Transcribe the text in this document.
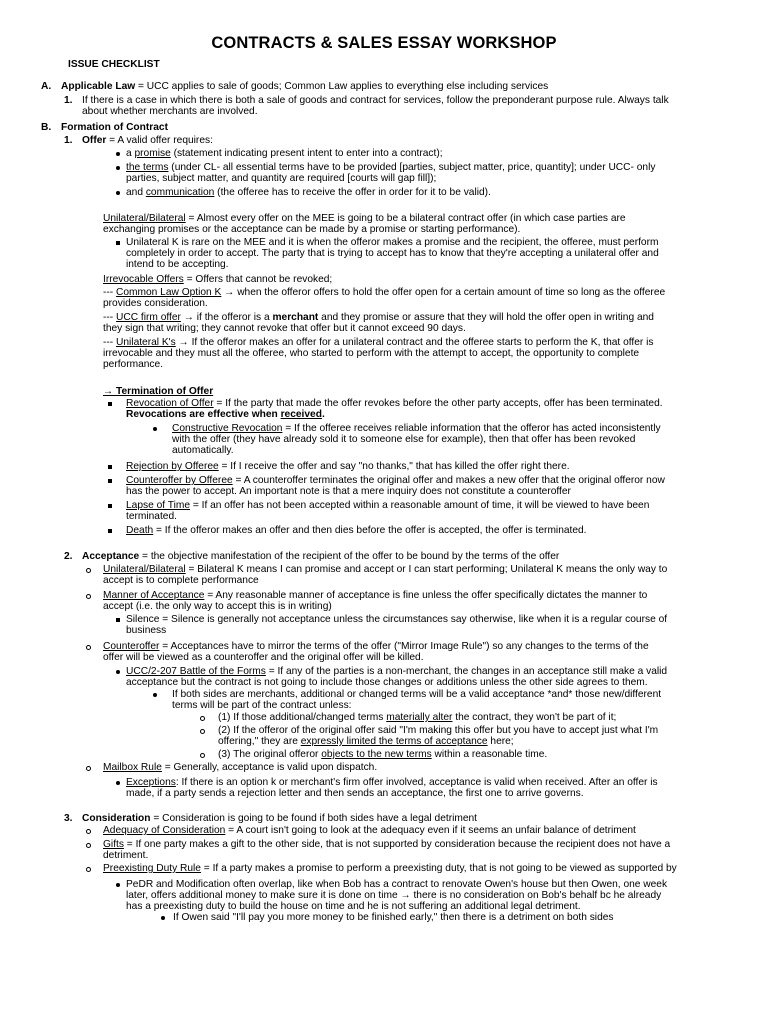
CONTRACTS & SALES ESSAY WORKSHOP
ISSUE CHECKLIST
A. Applicable Law = UCC applies to sale of goods; Common Law applies to everything else including services
1. If there is a case in which there is both a sale of goods and contract for services, follow the preponderant purpose rule. Always talk
about whether merchants are involved.
B. Formation of Contract
1. Offer = A valid offer requires:
a promise (statement indicating present intent to enter into a contract);
the terms (under CL- all essential terms have to be provided [parties, subject matter, price, quantity]; under UCC- only
parties, subject matter, and quantity are required [courts will gap fill]);
and communication (the offeree has to receive the offer in order for it to be valid).
Unilateral/Bilateral = Almost every offer on the MEE is going to be a bilateral contract offer (in which case parties are
exchanging promises or the acceptance can be made by a promise or starting performance).
Unilateral K is rare on the MEE and it is when the offeror makes a promise and the recipient, the offeree, must perform
completely in order to accept. The party that is trying to accept has to know that they're accepting a unilateral offer and
intend to be accepting.
Irrevocable Offers = Offers that cannot be revoked;
--- Common Law Option K → when the offeror offers to hold the offer open for a certain amount of time so long as the offeree
provides consideration.
--- UCC firm offer → if the offeror is a merchant and they promise or assure that they will hold the offer open in writing and
they sign that writing; they cannot revoke that offer but it cannot exceed 90 days.
--- Unilateral K's → If the offeror makes an offer for a unilateral contract and the offeree starts to perform the K, that offer is
irrevocable and they must all the offeree, who started to perform with the attempt to accept, the opportunity to complete
performance.
→ Termination of Offer
Revocation of Offer = If the party that made the offer revokes before the other party accepts, offer has been terminated.
Revocations are effective when received.
Constructive Revocation = If the offeree receives reliable information that the offeror has acted inconsistently
with the offer (they have already sold it to someone else for example), then that offer has been revoked
automatically.
Rejection by Offeree = If I receive the offer and say "no thanks," that has killed the offer right there.
Counteroffer by Offeree = A counteroffer terminates the original offer and makes a new offer that the original offeror now
has the power to accept. An important note is that a mere inquiry does not constitute a counteroffer
Lapse of Time = If an offer has not been accepted within a reasonable amount of time, it will be viewed to have been
terminated.
Death = If the offeror makes an offer and then dies before the offer is accepted, the offer is terminated.
2. Acceptance = the objective manifestation of the recipient of the offer to be bound by the terms of the offer
Unilateral/Bilateral = Bilateral K means I can promise and accept or I can start performing; Unilateral K means the only way to
accept is to complete performance
Manner of Acceptance = Any reasonable manner of acceptance is fine unless the offer specifically dictates the manner to
accept (i.e. the only way to accept this is in writing)
Silence = Silence is generally not acceptance unless the circumstances say otherwise, like when it is a regular course of
business
Counteroffer = Acceptances have to mirror the terms of the offer ("Mirror Image Rule") so any changes to the terms of the
offer will be viewed as a counteroffer and the original offer will be killed.
UCC/2-207 Battle of the Forms = If any of the parties is a non-merchant, the changes in an acceptance still make a valid
acceptance but the contract is not going to include those changes or additions unless the other side agrees to them.
If both sides are merchants, additional or changed terms will be a valid acceptance *and* those new/different
terms will be part of the contract unless:
(1) If those additional/changed terms materially alter the contract, they won't be part of it;
(2) If the offeror of the original offer said "I'm making this offer but you have to accept just what I'm
offering," they are expressly limited the terms of acceptance here;
(3) The original offeror objects to the new terms within a reasonable time.
Mailbox Rule = Generally, acceptance is valid upon dispatch.
Exceptions: If there is an option k or merchant's firm offer involved, acceptance is valid when received. After an offer is
made, if a party sends a rejection letter and then sends an acceptance, the first one to arrive governs.
3. Consideration = Consideration is going to be found if both sides have a legal detriment
Adequacy of Consideration = A court isn't going to look at the adequacy even if it seems an unfair balance of detriment
Gifts = If one party makes a gift to the other side, that is not supported by consideration because the recipient does not have a
detriment.
Preexisting Duty Rule = If a party makes a promise to perform a preexisting duty, that is not going to be viewed as supported by
PeDR and Modification often overlap, like when Bob has a contract to renovate Owen's house but then Owen, one week
later, offers additional money to make sure it is done on time → there is no consideration on Bob's behalf bc he already
has a preexisting duty to build the house on time and he is not suffering an additional legal detriment.
If Owen said "I'll pay you more money to be finished early," then there is a detriment on both sides
